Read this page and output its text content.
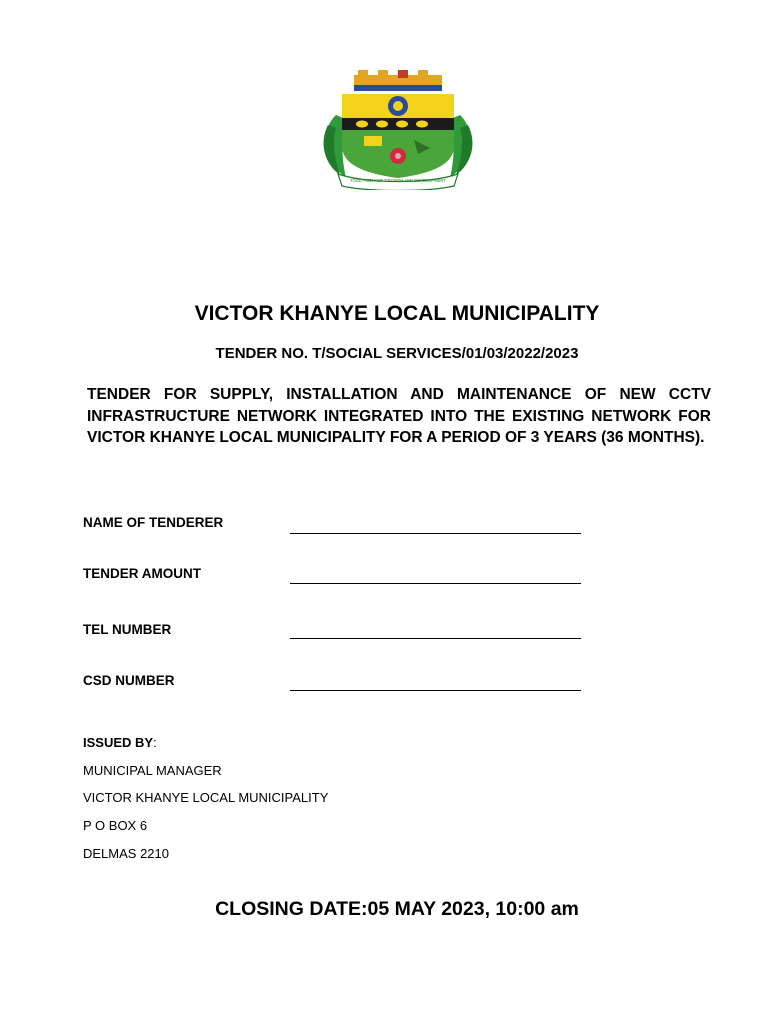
TOGETHER FOR GROWTH AND DEVELOPMENT
VICTOR KHANYE LOCAL MUNICIPALITY
TENDER NO. T/SOCIAL SERVICES/01/03/2022/2023
TENDER FOR SUPPLY, INSTALLATION AND MAINTENANCE OF NEW CCTV INFRASTRUCTURE NETWORK INTEGRATED INTO THE EXISTING NETWORK FOR VICTOR KHANYE LOCAL MUNICIPALITY FOR A PERIOD OF 3 YEARS (36 MONTHS).
NAME OF TENDERER
TENDER AMOUNT
TEL NUMBER
CSD NUMBER
ISSUED BY:
MUNICIPAL MANAGER
VICTOR KHANYE LOCAL MUNICIPALITY
P O BOX 6
DELMAS 2210
CLOSING DATE:05 MAY 2023, 10:00 am
